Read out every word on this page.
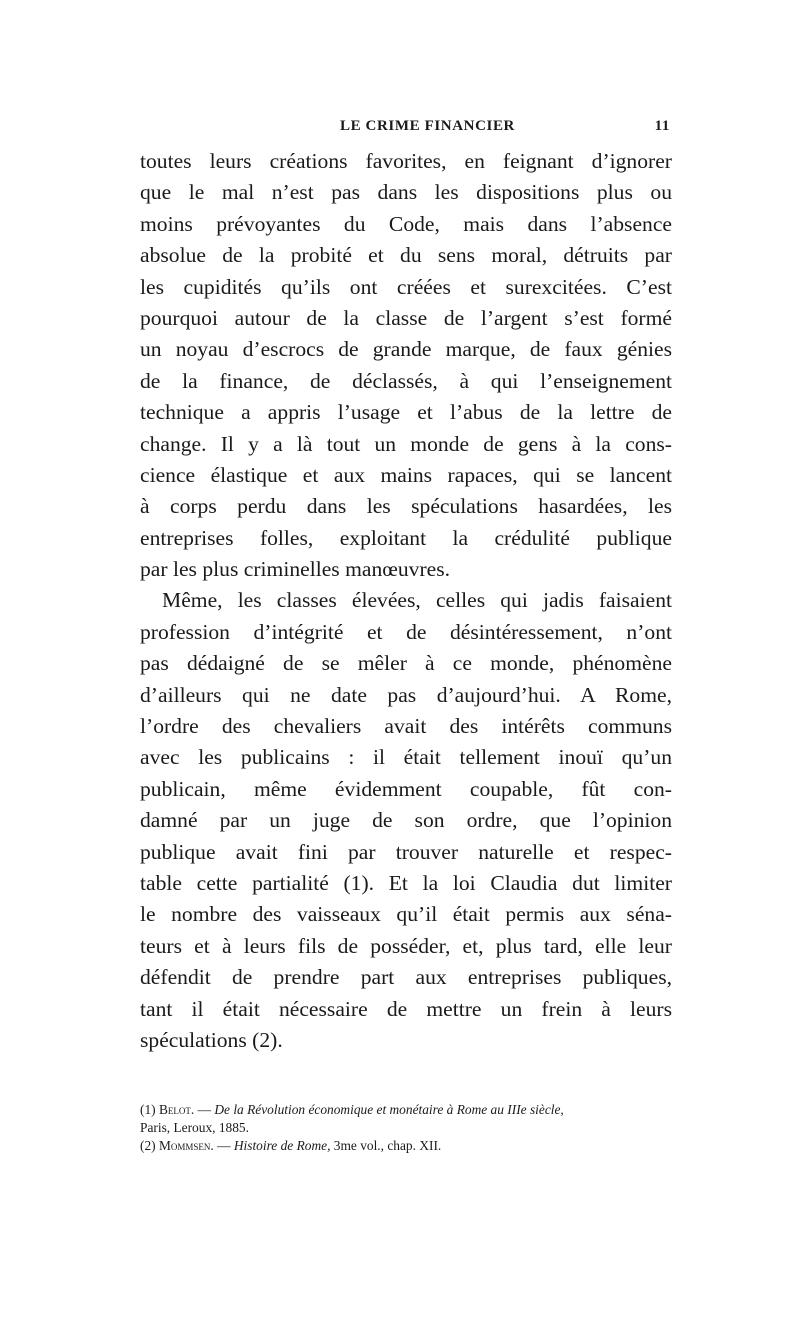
LE CRIME FINANCIER	11
toutes leurs créations favorites, en feignant d’ignorer
que le mal n’est pas dans les dispositions plus ou
moins prévoyantes du Code, mais dans l’absence
absolue de la probité et du sens moral, détruits par
les cupidités qu’ils ont créées et surexcitées. C’est
pourquoi autour de la classe de l’argent s’est formé
un noyau d’escrocs de grande marque, de faux génies
de la finance, de déclassés, à qui l’enseignement
technique a appris l’usage et l’abus de la lettre de
change. Il y a là tout un monde de gens à la cons-
cience élastique et aux mains rapaces, qui se lancent
à corps perdu dans les spéculations hasardées, les
entreprises folles, exploitant la crédulité publique
par les plus criminelles manœuvres.
Même, les classes élevées, celles qui jadis faisaient
profession d’intégrité et de désintéressement, n’ont
pas dédaigné de se mêler à ce monde, phénomène
d’ailleurs qui ne date pas d’aujourd’hui. A Rome,
l’ordre des chevaliers avait des intérêts communs
avec les publicains : il était tellement inouï qu’un
publicain, même évidemment coupable, fût con-
damné par un juge de son ordre, que l’opinion
publique avait fini par trouver naturelle et respec-
table cette partialité (1). Et la loi Claudia dut limiter
le nombre des vaisseaux qu’il était permis aux séna-
teurs et à leurs fils de posséder, et, plus tard, elle leur
défendit de prendre part aux entreprises publiques,
tant il était nécessaire de mettre un frein à leurs
spéculations (2).
(1) Belot. — De la Révolution économique et monétaire à Rome au IIIe siècle,
Paris, Leroux, 1885.
(2) Mommsen. — Histoire de Rome, 3me vol., chap. XII.
